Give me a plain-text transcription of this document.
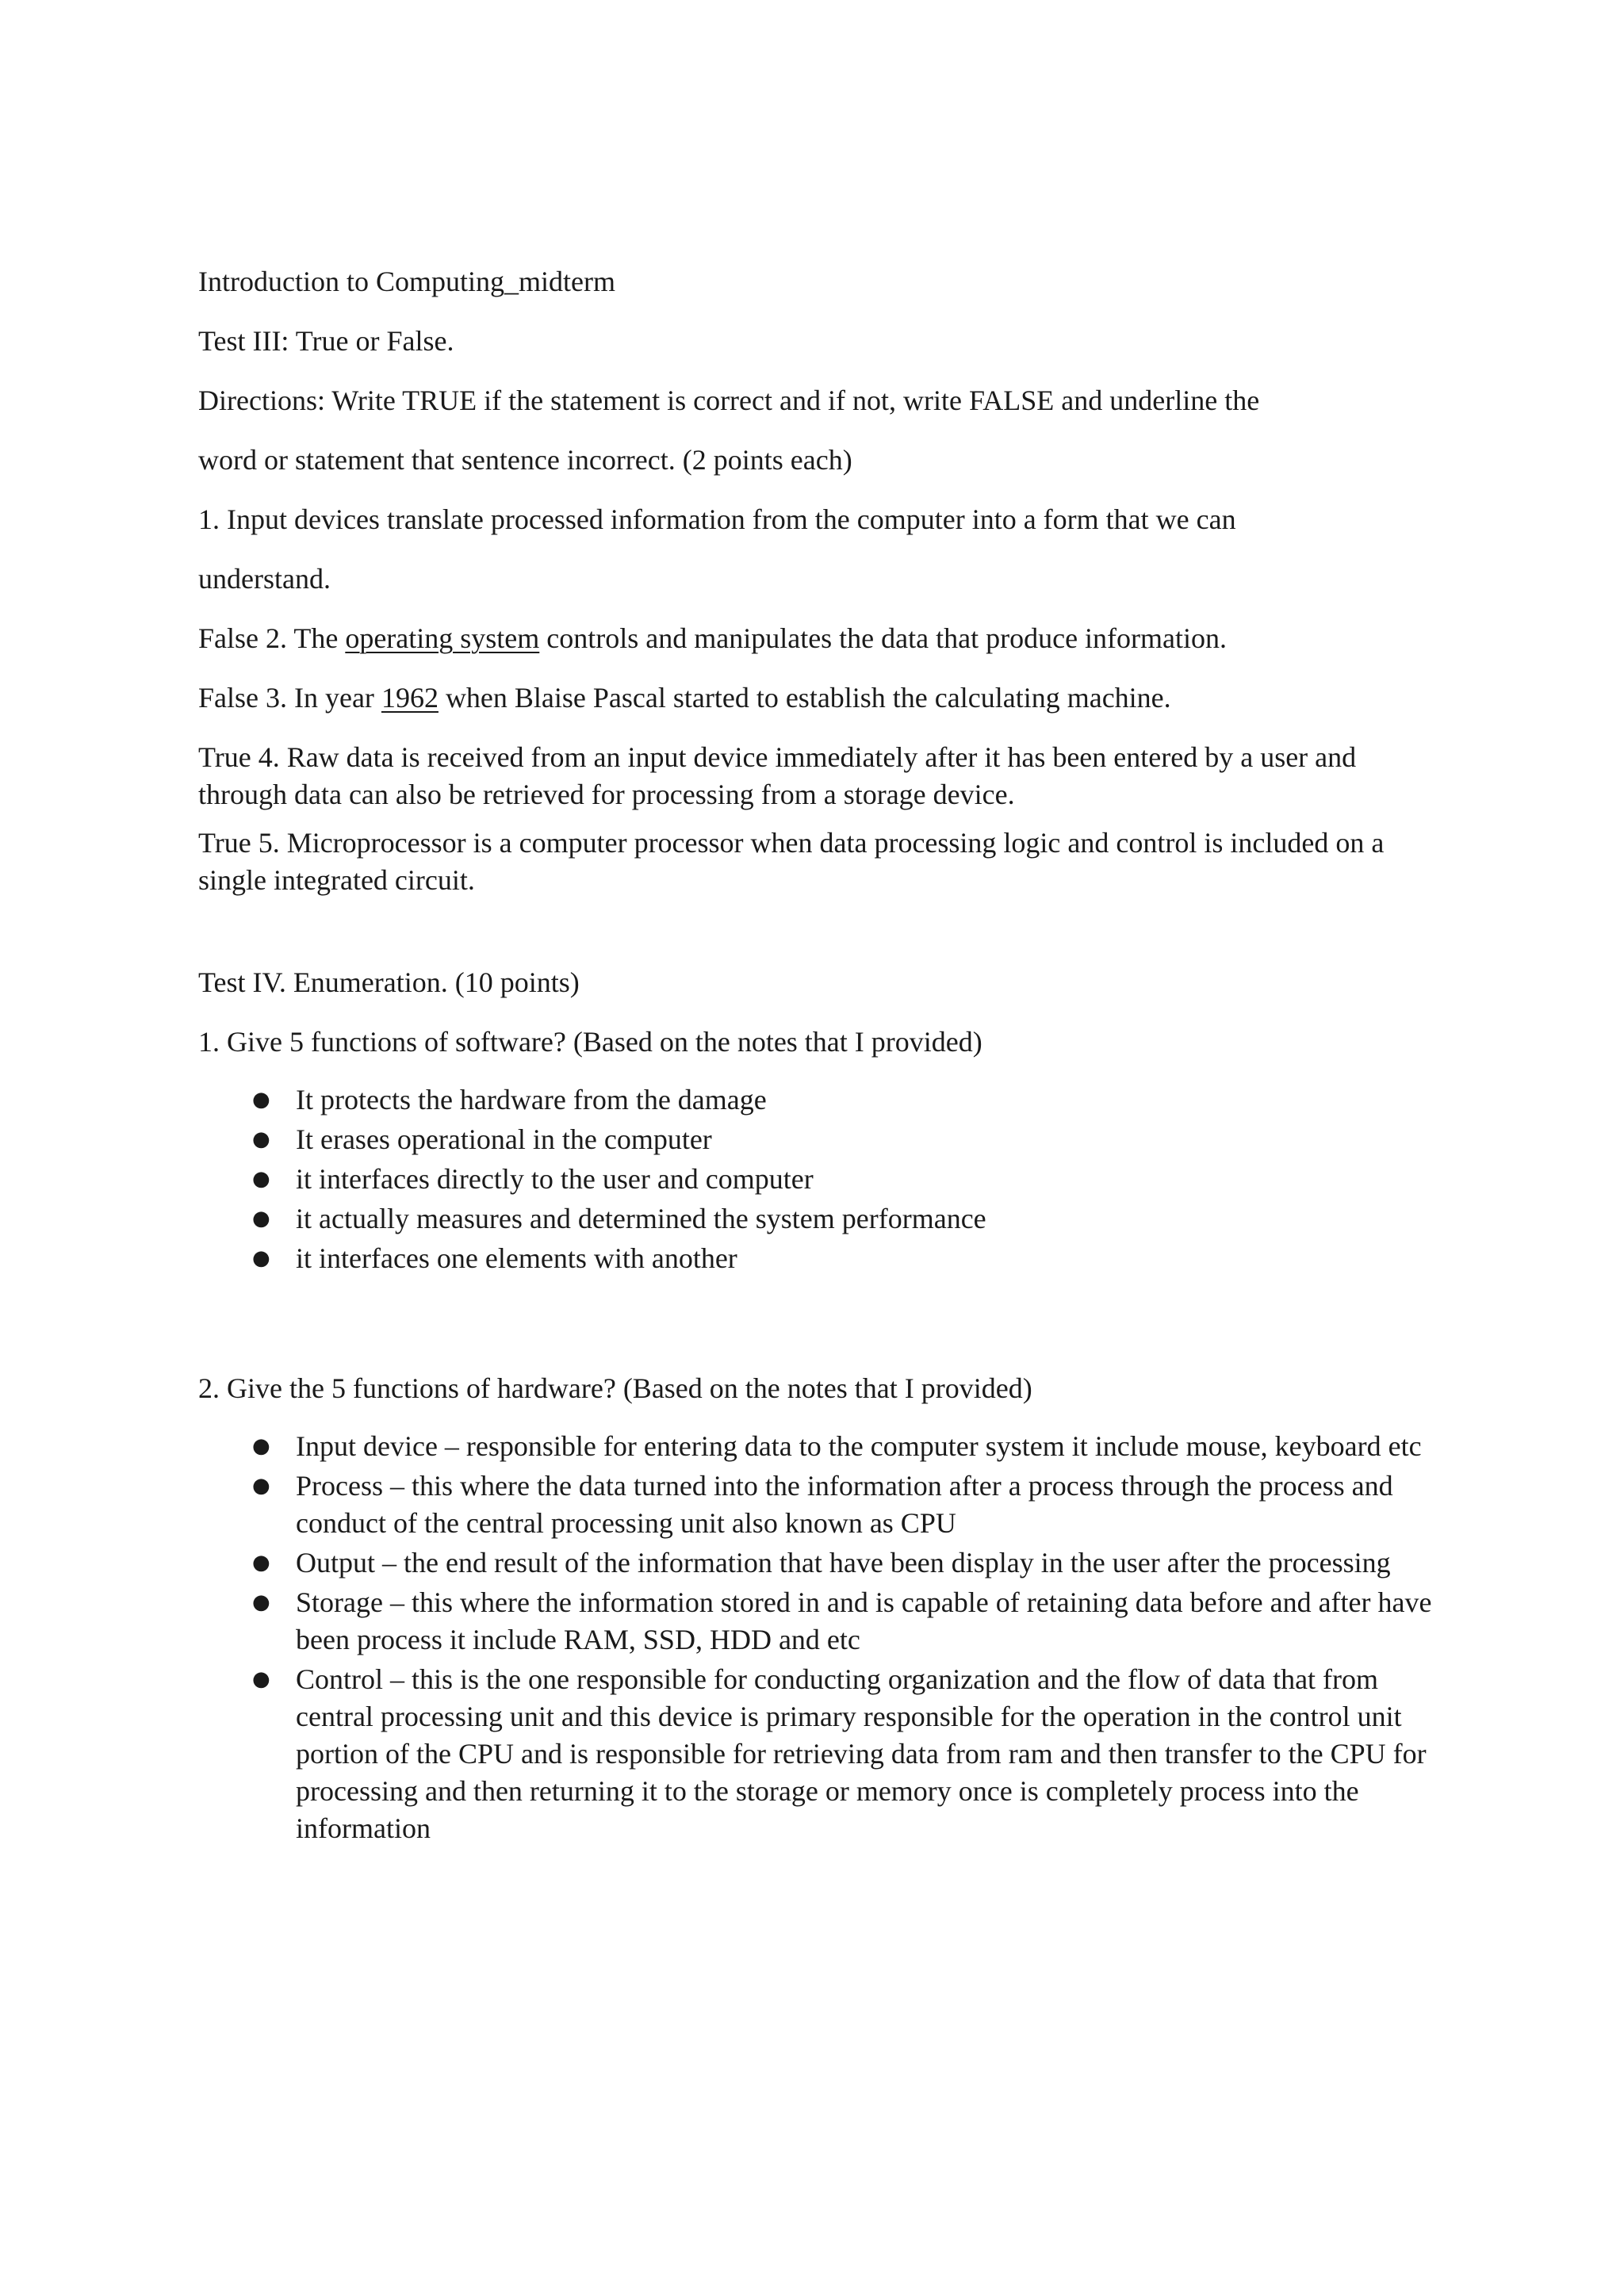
Introduction to Computing_midterm

Test III: True or False.

Directions: Write TRUE if the statement is correct and if not, write FALSE and underline the

word or statement that sentence incorrect. (2 points each)

1. Input devices translate processed information from the computer into a form that we can

understand.

False 2. The operating system controls and manipulates the data that produce information.

False 3. In year 1962 when Blaise Pascal started to establish the calculating machine.

True 4. Raw data is received from an input device immediately after it has been entered by a user and through data can also be retrieved for processing from a storage device.

True 5. Microprocessor is a computer processor when data processing logic and control is included on a single integrated circuit.

Test IV. Enumeration. (10 points)

1. Give 5 functions of software? (Based on the notes that I provided)

● It protects the hardware from the damage
● It erases operational in the computer
● it interfaces directly to the user and computer
● it actually measures and determined the system performance
● it interfaces one elements with another

2. Give the 5 functions of hardware? (Based on the notes that I provided)

● Input device – responsible for entering data to the computer system it include mouse, keyboard etc
● Process – this where the data turned into the information after a process through the process and conduct of the central processing unit also known as CPU
● Output – the end result of the information that have been display in the user after the processing
● Storage – this where the information stored in and is capable of retaining data before and after have been process it include RAM, SSD, HDD and etc
● Control – this is the one responsible for conducting organization and the flow of data that from central processing unit and this device is primary responsible for the operation in the control unit portion of the CPU and is responsible for retrieving data from ram and then transfer to the CPU for processing and then returning it to the storage or memory once is completely process into the information
